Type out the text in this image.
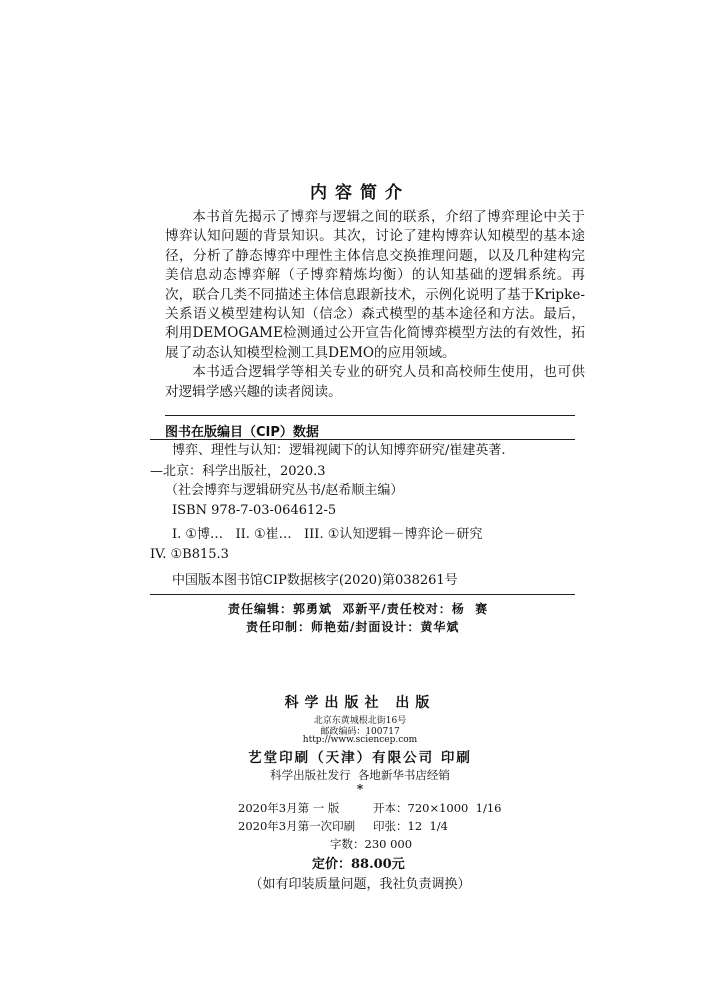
内容简介

本书首先揭示了博弈与逻辑之间的联系，介绍了博弈理论中关于博弈认知问题的背景知识。其次，讨论了建构博弈认知模型的基本途径，分析了静态博弈中理性主体信息交换推理问题，以及几种建构完美信息动态博弈解（子博弈精炼均衡）的认知基础的逻辑系统。再次，联合几类不同描述主体信息跟新技术，示例化说明了基于Kripke-关系语义模型建构认知（信念）森式模型的基本途径和方法。最后，利用DEMOGAME检测通过公开宣告化简博弈模型方法的有效性，拓展了动态认知模型检测工具DEMO的应用领域。

本书适合逻辑学等相关专业的研究人员和高校师生使用，也可供对逻辑学感兴趣的读者阅读。

图书在版编目（CIP）数据
博弈、理性与认知：逻辑视阈下的认知博弈研究/崔建英著.
—北京：科学出版社，2020.3
（社会博弈与逻辑研究丛书/赵希顺主编）
ISBN 978-7-03-064612-5
I. ①博…   II. ①崔…   III. ①认知逻辑－博弈论－研究
IV. ①B815.3
中国版本图书馆CIP数据核字(2020)第038261号
责任编辑：郭勇斌  邓新平/责任校对：杨  赛
责任印制：师艳茹/封面设计：黄华斌
科学出版社 出版
北京东黄城根北街16号
邮政编码：100717
http://www.sciencep.com
艺堂印刷（天津）有限公司 印刷
科学出版社发行  各地新华书店经销
*
2020年3月第 一 版	开本：720×1000  1/16
2020年3月第一次印刷 印张：12  1/4
字数：230 000
定价：88.00元
（如有印装质量问题，我社负责调换）
